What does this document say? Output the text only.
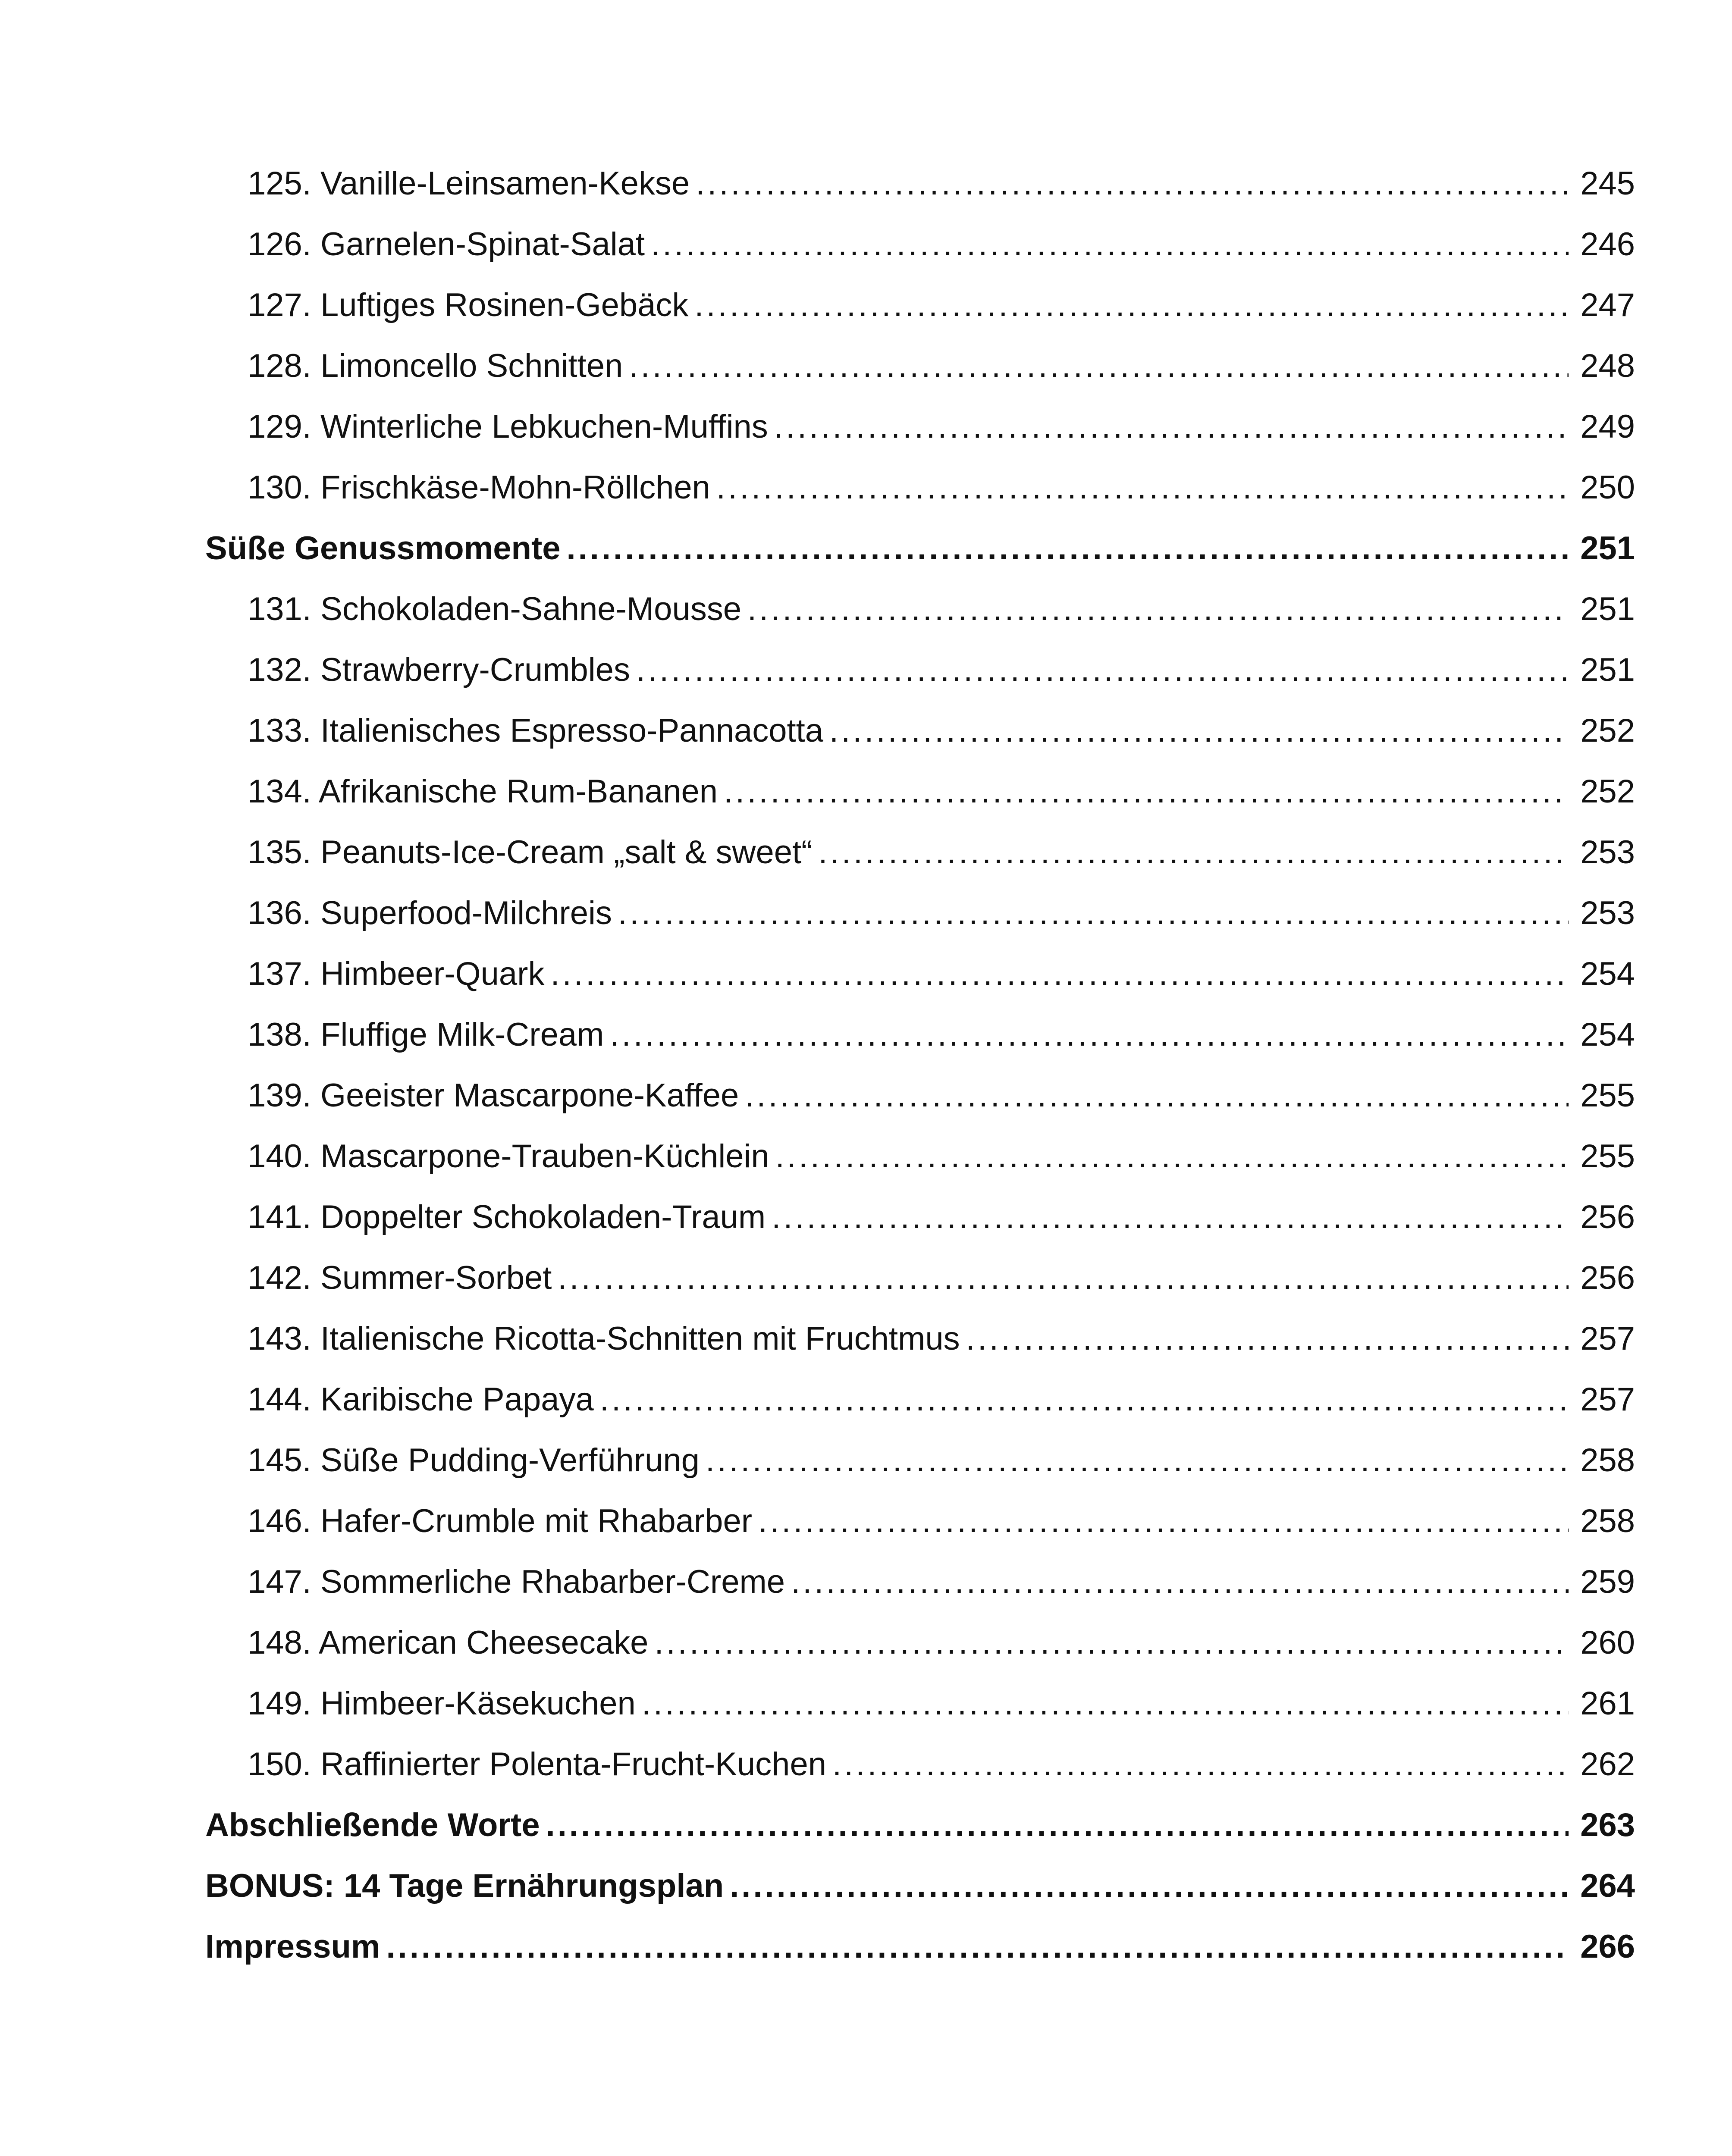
125. Vanille-Leinsamen-Kekse .....	245
126. Garnelen-Spinat-Salat .....	246
127. Luftiges Rosinen-Gebäck .....	247
128. Limoncello Schnitten .....	248
129. Winterliche Lebkuchen-Muffins .....	249
130. Frischkäse-Mohn-Röllchen .....	250
Süße Genussmomente .....	251
131. Schokoladen-Sahne-Mousse .....	251
132. Strawberry-Crumbles .....	251
133. Italienisches Espresso-Pannacotta .....	252
134. Afrikanische Rum-Bananen .....	252
135. Peanuts-Ice-Cream „salt & sweet“ .....	253
136. Superfood-Milchreis .....	253
137. Himbeer-Quark .....	254
138. Fluffige Milk-Cream .....	254
139. Geeister Mascarpone-Kaffee .....	255
140. Mascarpone-Trauben-Küchlein .....	255
141. Doppelter Schokoladen-Traum .....	256
142. Summer-Sorbet .....	256
143. Italienische Ricotta-Schnitten mit Fruchtmus .....	257
144. Karibische Papaya .....	257
145. Süße Pudding-Verführung .....	258
146. Hafer-Crumble mit Rhabarber .....	258
147. Sommerliche Rhabarber-Creme .....	259
148. American Cheesecake .....	260
149. Himbeer-Käsekuchen .....	261
150. Raffinierter Polenta-Frucht-Kuchen .....	262
Abschließende Worte .....	263
BONUS: 14 Tage Ernährungsplan .....	264
Impressum .....	266
